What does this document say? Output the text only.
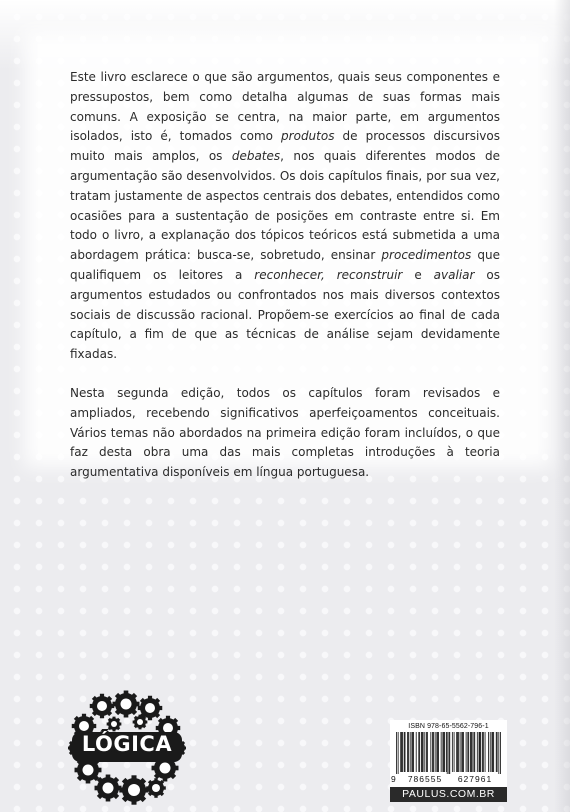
Este livro esclarece o que são argumentos, quais seus componentes e pressupostos, bem como detalha algumas de suas formas mais comuns. A exposição se centra, na maior parte, em argumentos isolados, isto é, tomados como produtos de processos discursivos muito mais amplos, os debates, nos quais diferentes modos de argumentação são desenvolvidos. Os dois capítulos finais, por sua vez, tratam justamente de aspectos centrais dos debates, entendidos como ocasiões para a sustentação de posições em contraste entre si. Em todo o livro, a explanação dos tópicos teóricos está submetida a uma abordagem prática: busca-se, sobretudo, ensinar procedimentos que qualifiquem os leitores a reconhecer, reconstruir e avaliar os argumentos estudados ou confrontados nos mais diversos contextos sociais de discussão racional. Propõem-se exercícios ao final de cada capítulo, a fim de que as técnicas de análise sejam devidamente fixadas.

Nesta segunda edição, todos os capítulos foram revisados e ampliados, recebendo significativos aperfeiçoamentos conceituais. Vários temas não abordados na primeira edição foram incluídos, o que faz desta obra uma das mais completas introduções à teoria argumentativa disponíveis em língua portuguesa.

LÓGICA
ISBN 978-65-5562-796-1
9	786555	627961
PAULUS.COM.BR
